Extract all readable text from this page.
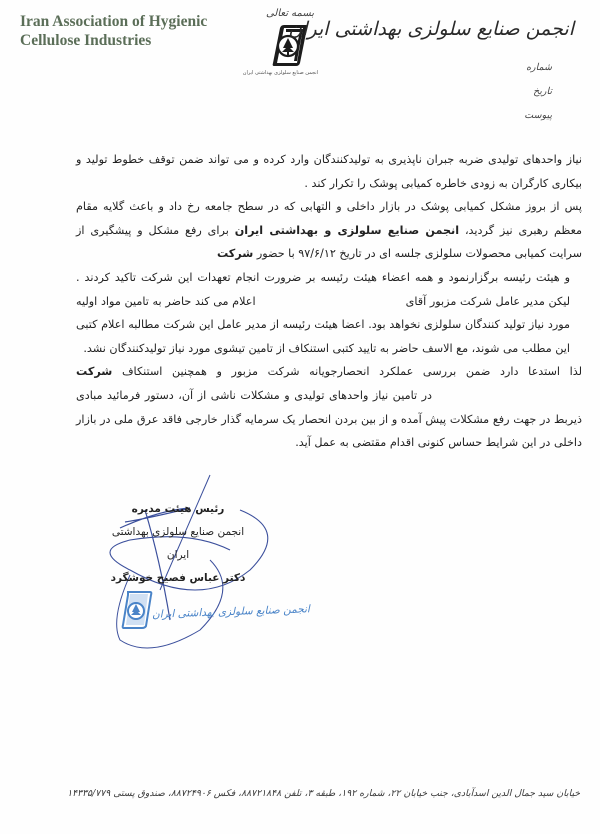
Iran Association of Hygienic
Cellulose Industries
بسمه تعالی
انجمن صنایع سلولزی بهداشتی ایران
انجمن صنایع سلولزی بهداشتی ایران
شماره
تاریخ
پیوست

نیاز واحدهای تولیدی ضربه جبران ناپذیری به تولیدکنندگان وارد کرده و می تواند ضمن توقف خطوط تولید و بیکاری کارگران به زودی خاطره کمیابی پوشک را تکرار کند .

پس از بروز مشکل کمیابی پوشک در بازار داخلی و التهابی که در سطح جامعه رخ داد و باعث گلایه مقام معظم رهبری نیز گردید، انجمن صنایع سلولزی و بهداشتی ایران برای رفع مشکل و پیشگیری از سرایت کمیابی محصولات سلولزی جلسه ای در تاریخ ۹۷/۶/۱۲ با حضور شرکت

و هیئت رئیسه برگزارنمود و همه اعضاء هیئت رئیسه بر ضرورت انجام تعهدات این شرکت تاکید کردند . لیکن مدیر عامل شرکت مزبور آقایاعلام می کند حاضر به تامین مواد اولیه مورد نیاز تولید کنندگان سلولزی نخواهد بود. اعضا هیئت رئیسه از مدیر عامل این شرکت مطالبه اعلام کتبی این مطلب می شوند، مع الاسف حاضر به تایید کتبی استنکاف از تامین تیشوی مورد نیاز تولیدکنندگان نشد.

لذا استدعا دارد ضمن بررسی عملکرد انحصارجویانه شرکت مزبور و همچنین استنکاف شرکتدر تامین نیاز واحدهای تولیدی و مشکلات ناشی از آن، دستور فرمائید مبادی ذیربط در جهت رفع مشکلات پیش آمده و از بین بردن انحصار یک سرمایه گذار خارجی فاقد عرق ملی در بازار داخلی در این شرایط حساس کنونی اقدام مقتضی به عمل آید.

رئیس هیئت مدیره
انجمن صنایع سلولزی بهداشتی ایران
دکتر عباس فصیح خوشگرد
انجمن صنایع سلولزی بهداشتی ایران
خیابان سید جمال الدین اسدآبادی، جنب خیابان ۲۲، شماره ۱۹۲، طبقه ۳، تلفن ۸۸۷۲۱۸۴۸، فکس ۸۸۷۲۴۹۰۶، صندوق پستی ۱۴۳۳۵/۷۷۹
